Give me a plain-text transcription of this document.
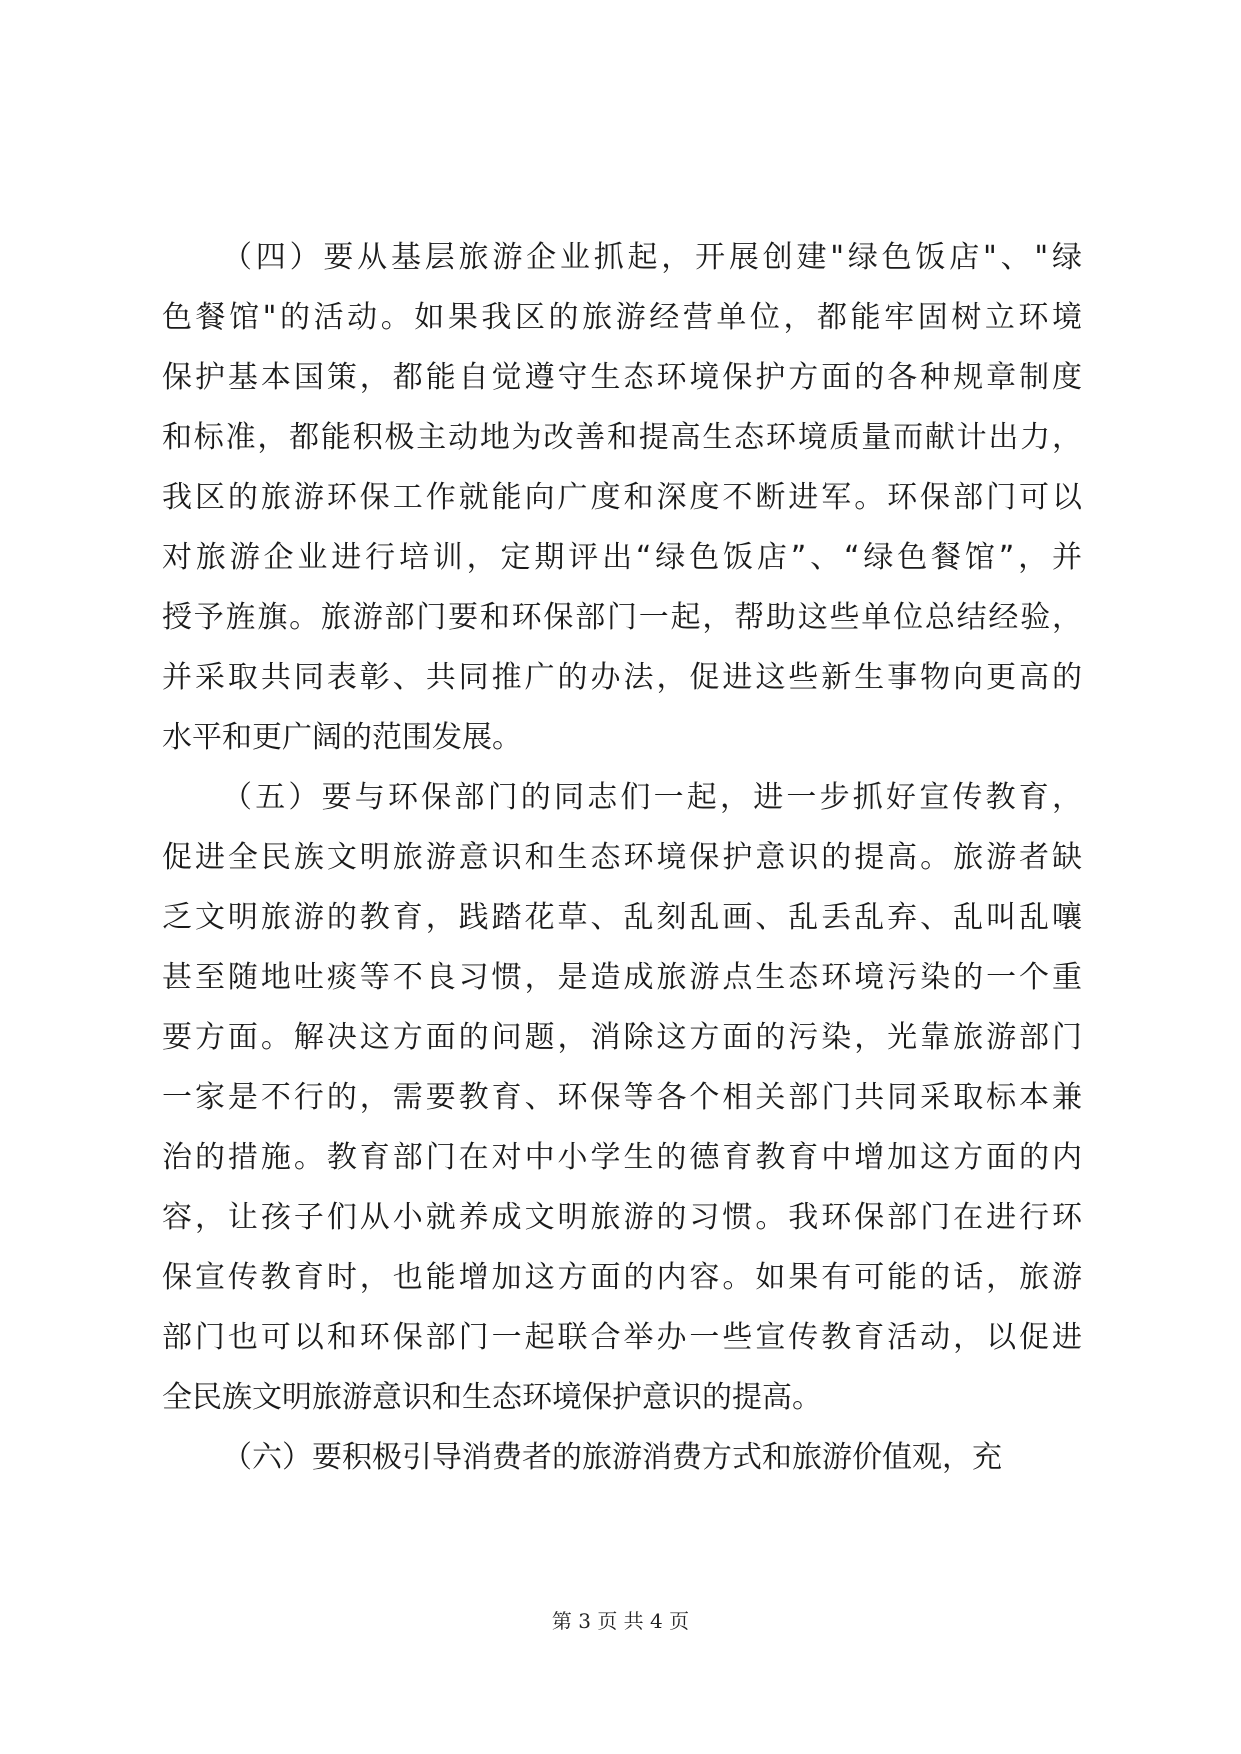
（四）要从基层旅游企业抓起，开展创建"绿色饭店"、"绿
色餐馆"的活动。如果我区的旅游经营单位，都能牢固树立环境
保护基本国策，都能自觉遵守生态环境保护方面的各种规章制度
和标准，都能积极主动地为改善和提高生态环境质量而献计出力，
我区的旅游环保工作就能向广度和深度不断进军。环保部门可以
对旅游企业进行培训，定期评出“绿色饭店”、“绿色餐馆”，并
授予旌旗。旅游部门要和环保部门一起，帮助这些单位总结经验，
并采取共同表彰、共同推广的办法，促进这些新生事物向更高的
水平和更广阔的范围发展。
（五）要与环保部门的同志们一起，进一步抓好宣传教育，
促进全民族文明旅游意识和生态环境保护意识的提高。旅游者缺
乏文明旅游的教育，践踏花草、乱刻乱画、乱丢乱弃、乱叫乱嚷
甚至随地吐痰等不良习惯，是造成旅游点生态环境污染的一个重
要方面。解决这方面的问题，消除这方面的污染，光靠旅游部门
一家是不行的，需要教育、环保等各个相关部门共同采取标本兼
治的措施。教育部门在对中小学生的德育教育中增加这方面的内
容，让孩子们从小就养成文明旅游的习惯。我环保部门在进行环
保宣传教育时，也能增加这方面的内容。如果有可能的话，旅游
部门也可以和环保部门一起联合举办一些宣传教育活动，以促进
全民族文明旅游意识和生态环境保护意识的提高。
（六）要积极引导消费者的旅游消费方式和旅游价值观，充
第 3 页 共 4 页
